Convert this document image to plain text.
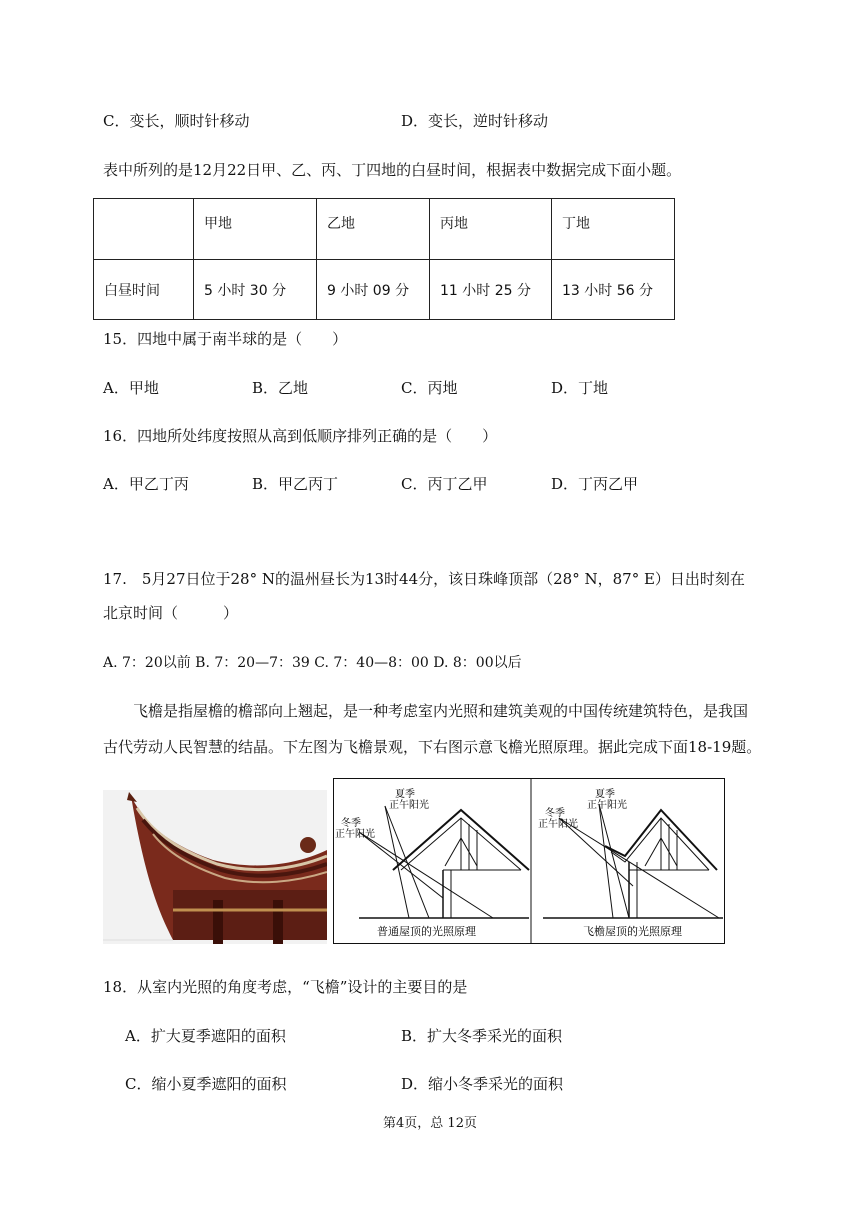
C．变长，顺时针移动	D．变长，逆时针移动
表中所列的是12月22日甲、乙、丙、丁四地的白昼时间，根据表中数据完成下面小题。
	甲地	乙地	丙地	丁地
白昼时间	5 小时 30 分	9 小时 09 分	11 小时 25 分	13 小时 56 分
15．四地中属于南半球的是（　　）
A．甲地	B．乙地	C．丙地	D．丁地
16．四地所处纬度按照从高到低顺序排列正确的是（　　）
A．甲乙丁丙	B．甲乙丙丁	C．丙丁乙甲	D．丁丙乙甲
17.　5月27日位于28° N的温州昼长为13时44分，该日珠峰顶部（28° N，87° E）日出时刻在
北京时间（　　　）
A. 7：20以前 B. 7：20—7：39 C. 7：40—8：00 D. 8：00以后
　　飞檐是指屋檐的檐部向上翘起，是一种考虑室内光照和建筑美观的中国传统建筑特色，是我国
古代劳动人民智慧的结晶。下左图为飞檐景观，下右图示意飞檐光照原理。据此完成下面18-19题。
夏季
正午阳光
冬季
正午阳光
普通屋顶的光照原理
夏季
正午阳光
冬季
正午阳光
飞檐屋顶的光照原理
18．从室内光照的角度考虑，“飞檐”设计的主要目的是
A．扩大夏季遮阳的面积	B．扩大冬季采光的面积
C．缩小夏季遮阳的面积	D．缩小冬季采光的面积
第4页，总 12页
